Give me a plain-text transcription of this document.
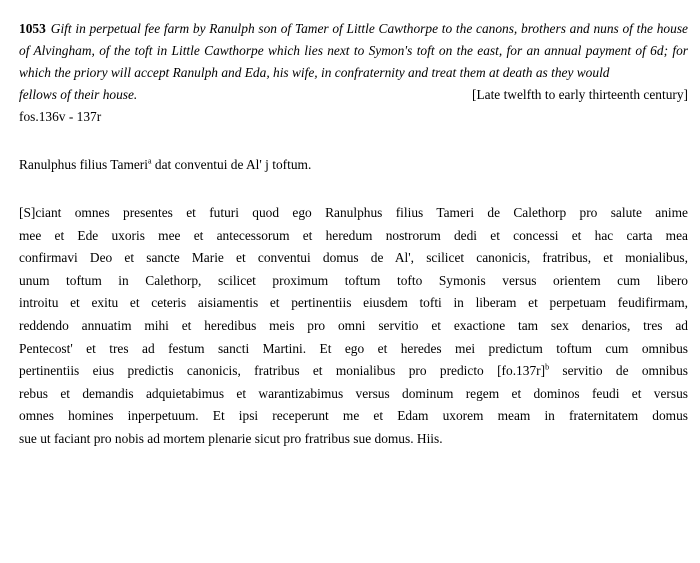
1053 Gift in perpetual fee farm by Ranulph son of Tamer of Little Cawthorpe to the canons, brothers and nuns of the house of Alvingham, of the toft in Little Cawthorpe which lies next to Symon's toft on the east, for an annual payment of 6d; for which the priory will accept Ranulph and Eda, his wife, in confraternity and treat them at death as they would

fellows of their house.	[Late twelfth to early thirteenth century]

fos.136v - 137r

Ranulphus filius Tameri$^a$ dat conventui de Al' j toftum.

[S]ciant omnes presentes et futuri quod ego Ranulphus filius Tameri de Calethorp pro salute anime
mee et Ede uxoris mee et antecessorum et heredum nostrorum dedi et concessi et hac carta mea
confirmavi Deo et sancte Marie et conventui domus de Al', scilicet canonicis, fratribus, et monialibus,
unum toftum in Calethorp, scilicet proximum toftum tofto Symonis versus orientem cum libero
introitu et exitu et ceteris aisiamentis et pertinentiis eiusdem tofti in liberam et perpetuam feudifirmam,
reddendo annuatim mihi et heredibus meis pro omni servitio et exactione tam sex denarios, tres ad
Pentecost' et tres ad festum sancti Martini. Et ego et heredes mei predictum toftum cum omnibus
pertinentiis eius predictis canonicis, fratribus et monialibus pro predicto $[fo.137r]^b$ servitio de omnibus
rebus et demandis adquietabimus et warantizabimus versus dominum regem et dominos feudi et versus
omnes homines inperpetuum. Et ipsi receperunt me et Edam uxorem meam in fraternitatem domus
sue ut faciant pro nobis ad mortem plenarie sicut pro fratribus sue domus. Hiis.
